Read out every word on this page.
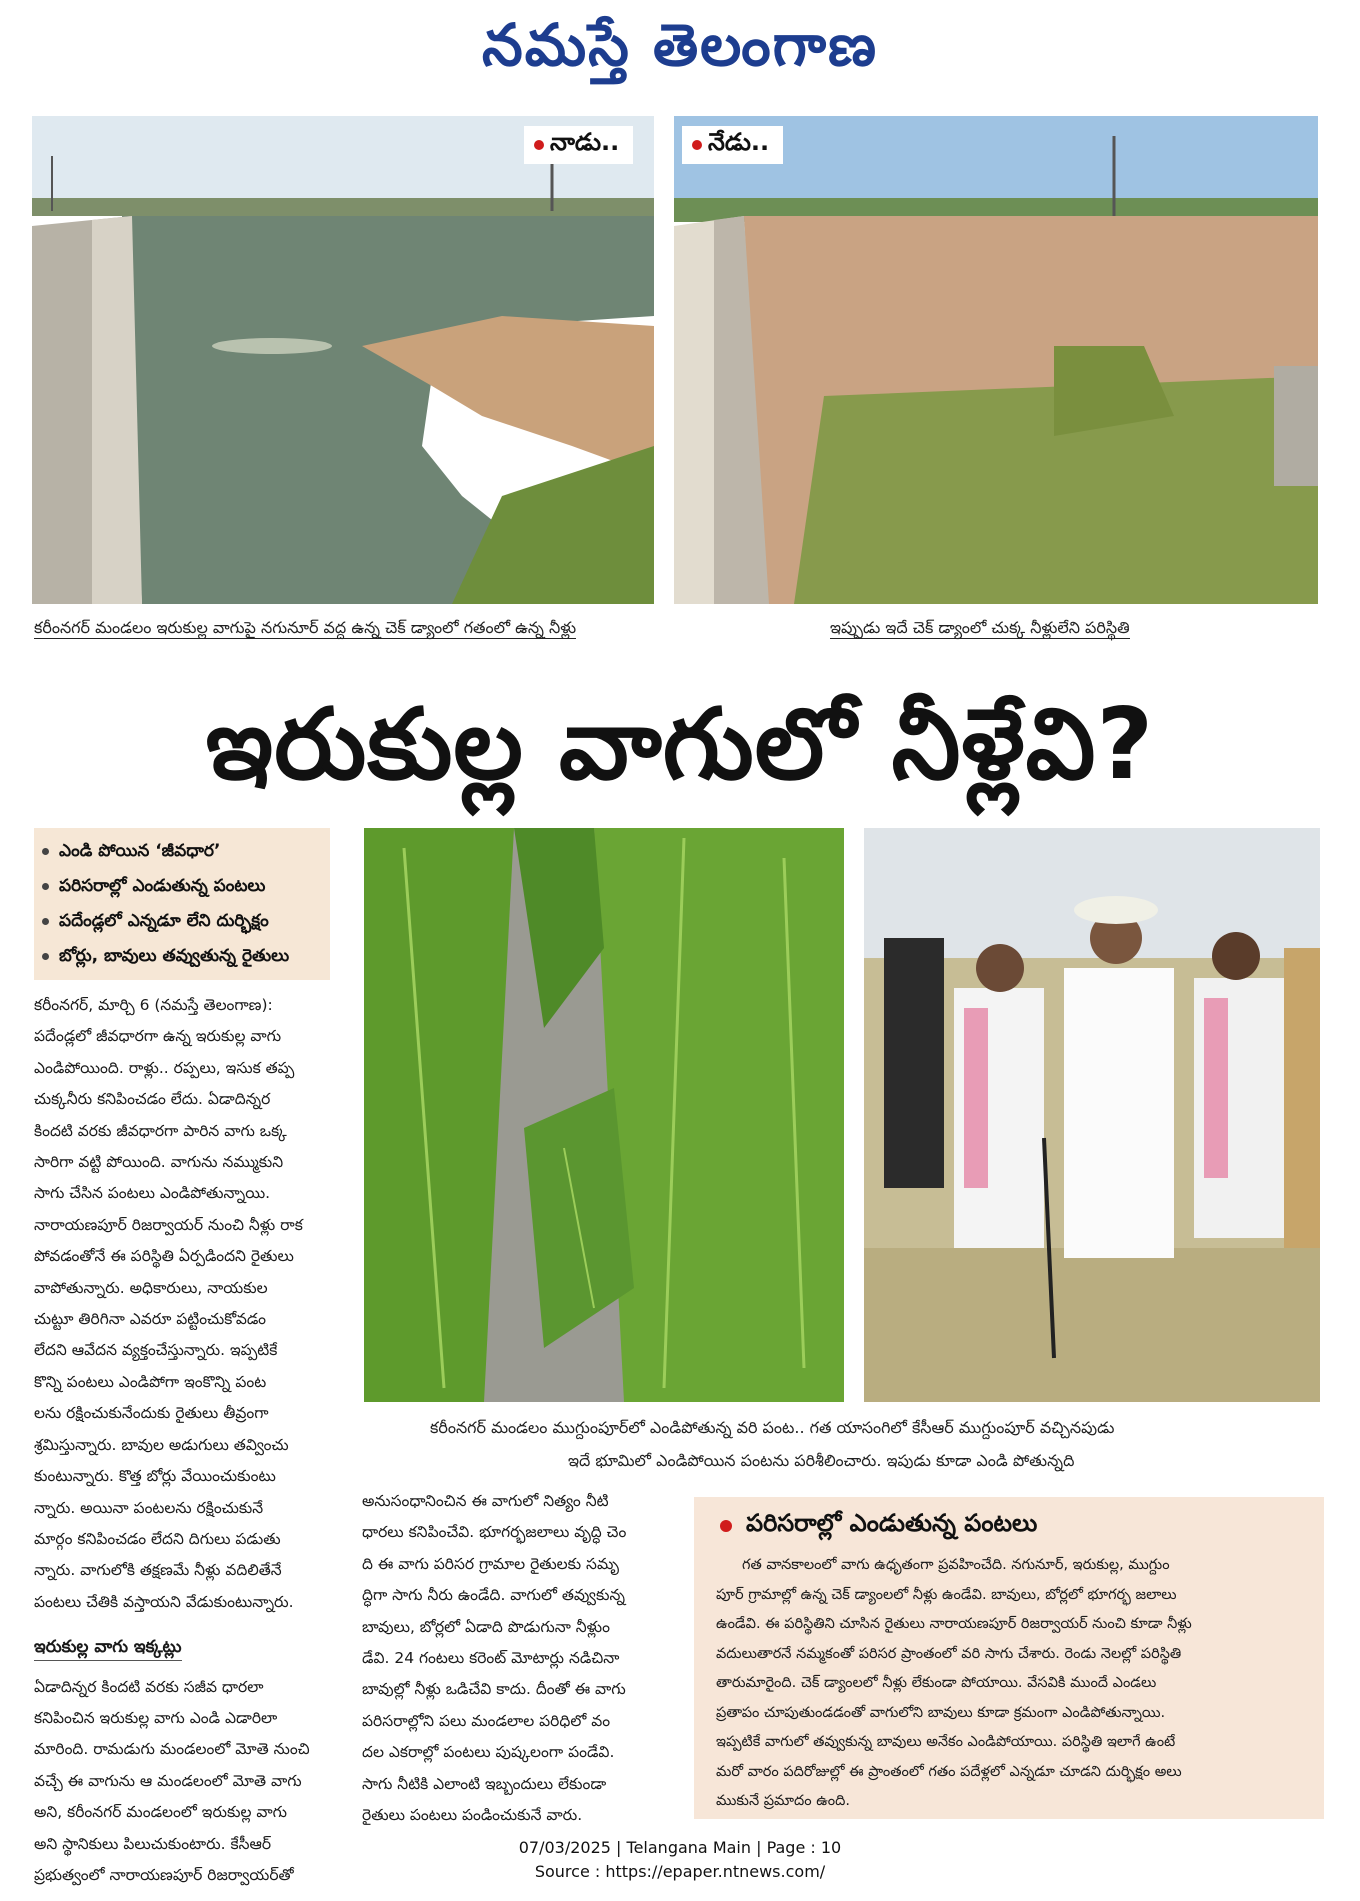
నమస్తే తెలంగాణ
నాడు..	నేడు..
కరీంనగర్ మండలం ఇరుకుల్ల వాగుపై నగునూర్ వద్ద ఉన్న చెక్ డ్యాంలో గతంలో ఉన్న నీళ్లు	ఇప్పుడు ఇదే చెక్ డ్యాంలో చుక్క నీళ్లులేని పరిస్థితి
ఇరుకుల్ల వాగులో నీళ్లేవి?
ఎండి పోయిన ‘జీవధార’
పరిసరాల్లో ఎండుతున్న పంటలు
పదేండ్లలో ఎన్నడూ లేని దుర్భిక్షం
బోర్లు, బావులు తవ్వుతున్న రైతులు
కరీంనగర్ మండలం ముగ్దుంపూర్‌లో ఎండిపోతున్న వరి పంట.. గత యాసంగిలో కేసీఆర్ ముగ్దుంపూర్ వచ్చినపుడు
ఇదే భూమిలో ఎండిపోయిన పంటను పరిశీలించారు. ఇపుడు కూడా ఎండి పోతున్నది
కరీంనగర్, మార్చి 6 (నమస్తే తెలంగాణ):
పదేండ్లలో జీవధారగా ఉన్న ఇరుకుల్ల వాగు
ఎండిపోయింది. రాళ్లు.. రప్పలు, ఇసుక తప్ప
చుక్కనీరు కనిపించడం లేదు. ఏడాదిన్నర
కిందటి వరకు జీవధారగా పారిన వాగు ఒక్క
సారిగా వట్టి పోయింది. వాగును నమ్ముకుని
సాగు చేసిన పంటలు ఎండిపోతున్నాయి.
నారాయణపూర్ రిజర్వాయర్ నుంచి నీళ్లు రాక
పోవడంతోనే ఈ పరిస్థితి ఏర్పడిందని రైతులు
వాపోతున్నారు. అధికారులు, నాయకుల
చుట్టూ తిరిగినా ఎవరూ పట్టించుకోవడం
లేదని ఆవేదన వ్యక్తంచేస్తున్నారు. ఇప్పటికే
కొన్ని పంటలు ఎండిపోగా ఇంకొన్ని పంట
లను రక్షించుకునేందుకు రైతులు తీవ్రంగా
శ్రమిస్తున్నారు. బావుల అడుగులు తవ్వించు
కుంటున్నారు. కొత్త బోర్లు వేయించుకుంటు
న్నారు. అయినా పంటలను రక్షించుకునే
మార్గం కనిపించడం లేదని దిగులు పడుతు
న్నారు. వాగులోకి తక్షణమే నీళ్లు వదిలితేనే
పంటలు చేతికి వస్తాయని వేడుకుంటున్నారు.
ఇరుకుల్ల వాగు ఇక్కట్లు
ఏడాదిన్నర కిందటి వరకు సజీవ ధారలా
కనిపించిన ఇరుకుల్ల వాగు ఎండి ఎడారిలా
మారింది. రామడుగు మండలంలో మోతె నుంచి
వచ్చే ఈ వాగును ఆ మండలంలో మోతె వాగు
అని, కరీంనగర్ మండలంలో ఇరుకుల్ల వాగు
అని స్థానికులు పిలుచుకుంటారు. కేసీఆర్
ప్రభుత్వంలో నారాయణపూర్ రిజర్వాయర్‌తో
అనుసంధానించిన ఈ వాగులో నిత్యం నీటి
ధారలు కనిపించేవి. భూగర్భజలాలు వృద్ధి చెం
ది ఈ వాగు పరిసర గ్రామాల రైతులకు సమృ
ద్ధిగా సాగు నీరు ఉండేది. వాగులో తవ్వుకున్న
బావులు, బోర్లలో ఏడాది పొడుగునా నీళ్లుం
డేవి. 24 గంటలు కరెంట్ మోటార్లు నడిచినా
బావుల్లో నీళ్లు ఒడిచేవి కాదు. దీంతో ఈ వాగు
పరిసరాల్లోని పలు మండలాల పరిధిలో వం
దల ఎకరాల్లో పంటలు పుష్కలంగా పండేవి.
సాగు నీటికి ఎలాంటి ఇబ్బందులు లేకుండా
రైతులు పంటలు పండించుకునే వారు.
పరిసరాల్లో ఎండుతున్న పంటలు
గత వానకాలంలో వాగు ఉధృతంగా ప్రవహించేది. నగునూర్, ఇరుకుల్ల, ముగ్దుం
పూర్ గ్రామాల్లో ఉన్న చెక్ డ్యాంలలో నీళ్లు ఉండేవి. బావులు, బోర్లలో భూగర్భ జలాలు
ఉండేవి. ఈ పరిస్థితిని చూసిన రైతులు నారాయణపూర్ రిజర్వాయర్ నుంచి కూడా నీళ్లు
వదులుతారనే నమ్మకంతో పరిసర ప్రాంతంలో వరి సాగు చేశారు. రెండు నెలల్లో పరిస్థితి
తారుమారైంది. చెక్ డ్యాంలలో నీళ్లు లేకుండా పోయాయి. వేసవికి ముందే ఎండలు
ప్రతాపం చూపుతుండడంతో వాగులోని బావులు కూడా క్రమంగా ఎండిపోతున్నాయి.
ఇప్పటికే వాగులో తవ్వుకున్న బావులు అనేకం ఎండిపోయాయి. పరిస్థితి ఇలాగే ఉంటే
మరో వారం పదిరోజుల్లో ఈ ప్రాంతంలో గతం పదేళ్లలో ఎన్నడూ చూడని దుర్భిక్షం అలు
ముకునే ప్రమాదం ఉంది.
07/03/2025 | Telangana Main | Page : 10
Source : https://epaper.ntnews.com/
